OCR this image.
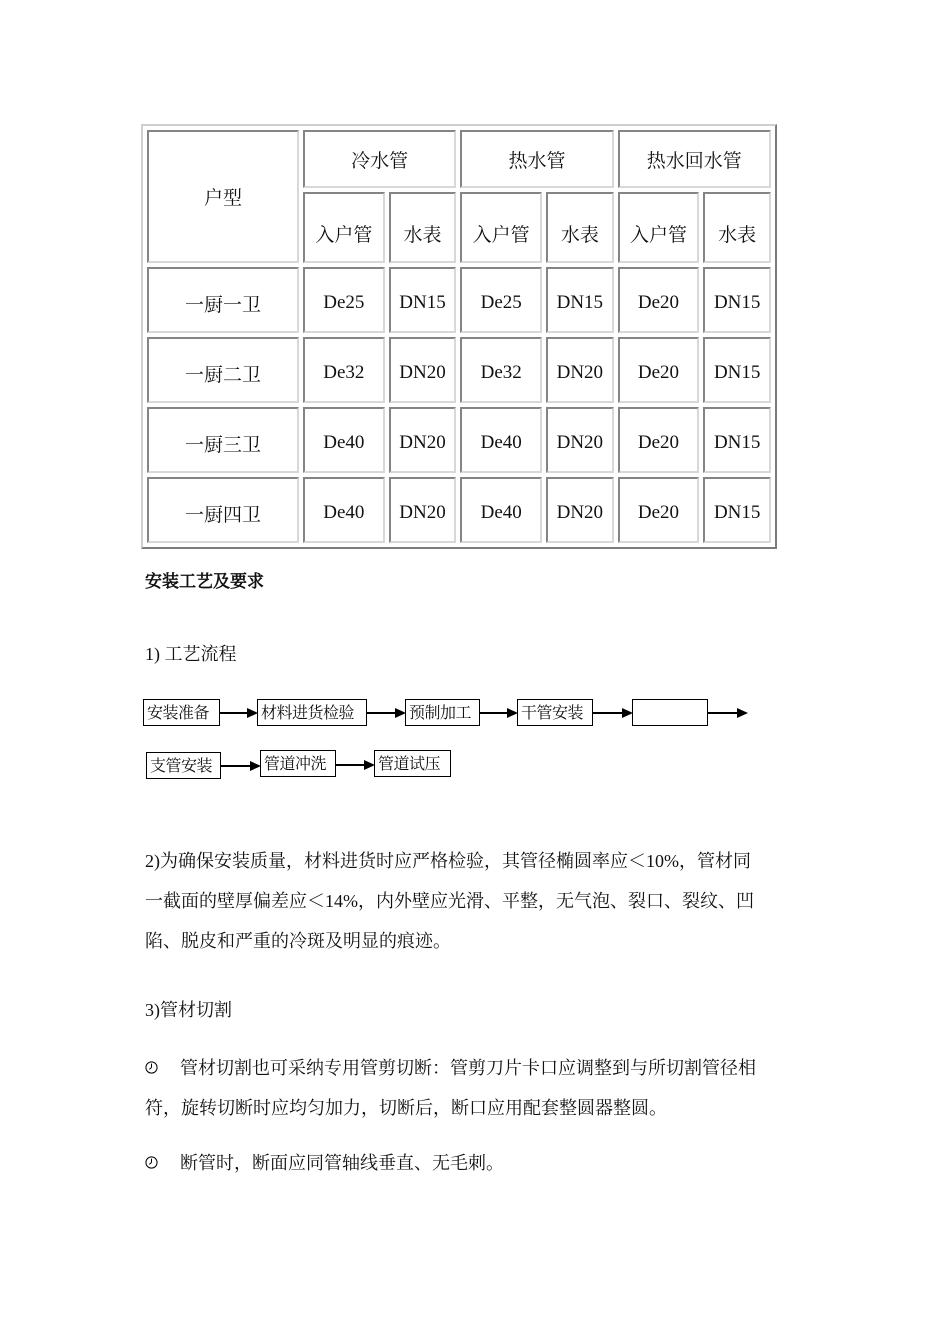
户型	冷水管		热水管		热水回水管	
	入户管	水表	入户管	水表	入户管	水表
一厨一卫	De25	DN15	De25	DN15	De20	DN15
一厨二卫	De32	DN20	De32	DN20	De20	DN15
一厨三卫	De40	DN20	De40	DN20	De20	DN15
一厨四卫	De40	DN20	De40	DN20	De20	DN15
安装工艺及要求
1) 工艺流程
安装准备	材料进货检验	预制加工	干管安装
支管安装	管道冲洗	管道试压
2)为确保安装质量，材料进货时应严格检验，其管径椭圆率应＜10%，管材同
一截面的壁厚偏差应＜14%，内外壁应光滑、平整，无气泡、裂口、裂纹、凹
陷、脱皮和严重的冷斑及明显的痕迹。
3)管材切割
管材切割也可采纳专用管剪切断：管剪刀片卡口应调整到与所切割管径相
符，旋转切断时应均匀加力，切断后，断口应用配套整圆器整圆。
断管时，断面应同管轴线垂直、无毛刺。
